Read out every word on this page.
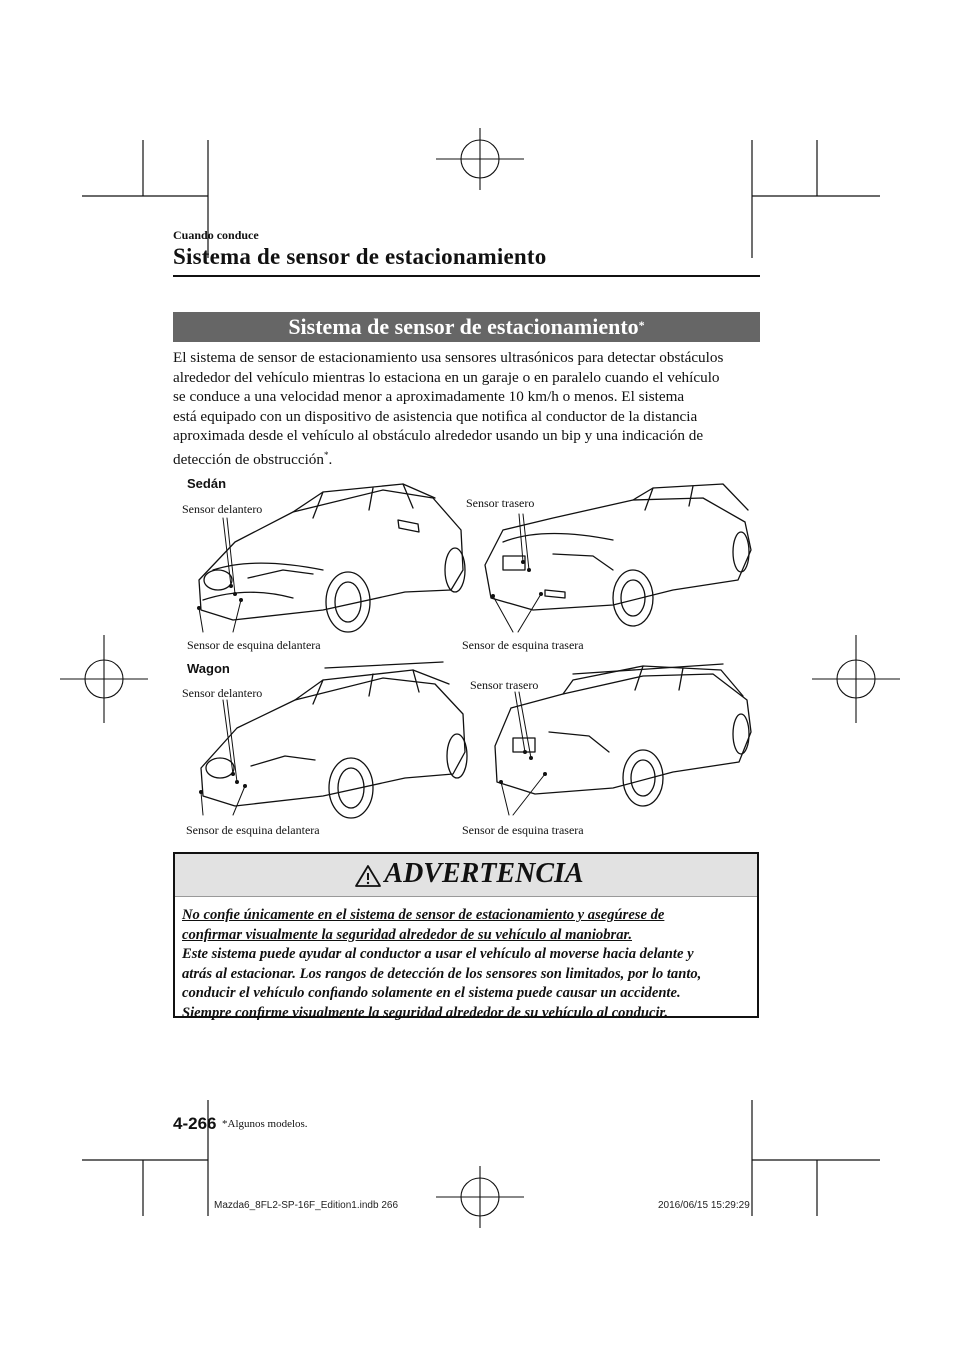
Cuando conduce
Sistema de sensor de estacionamiento
Sistema de sensor de estacionamiento*
El sistema de sensor de estacionamiento usa sensores ultrasónicos para detectar obstáculos
alrededor del vehículo mientras lo estaciona en un garaje o en paralelo cuando el vehículo
se conduce a una velocidad menor a aproximadamente 10 km/h o menos. El sistema
está equipado con un dispositivo de asistencia que notiﬁca al conductor de la distancia
aproximada desde el vehículo al obstáculo alrededor usando un bip y una indicación de
detección de obstrucción*.
Sedán
Sensor delantero	Sensor trasero
Sensor de esquina delantera	Sensor de esquina trasera
Wagon
Sensor delantero
Sensor trasero
Sensor de esquina delantera	Sensor de esquina trasera
ADVERTENCIA
No conﬁe únicamente en el sistema de sensor de estacionamiento y asegúrese de
conﬁrmar visualmente la seguridad alrededor de su vehículo al maniobrar.
Este sistema puede ayudar al conductor a usar el vehículo al moverse hacia delante y
atrás al estacionar. Los rangos de detección de los sensores son limitados, por lo tanto,
conducir el vehículo conﬁando solamente en el sistema puede causar un accidente.
Siempre conﬁrme visualmente la seguridad alrededor de su vehículo al conducir.
4-266 *Algunos modelos.
Mazda6_8FL2-SP-16F_Edition1.indb 266	2016/06/15 15:29:29
